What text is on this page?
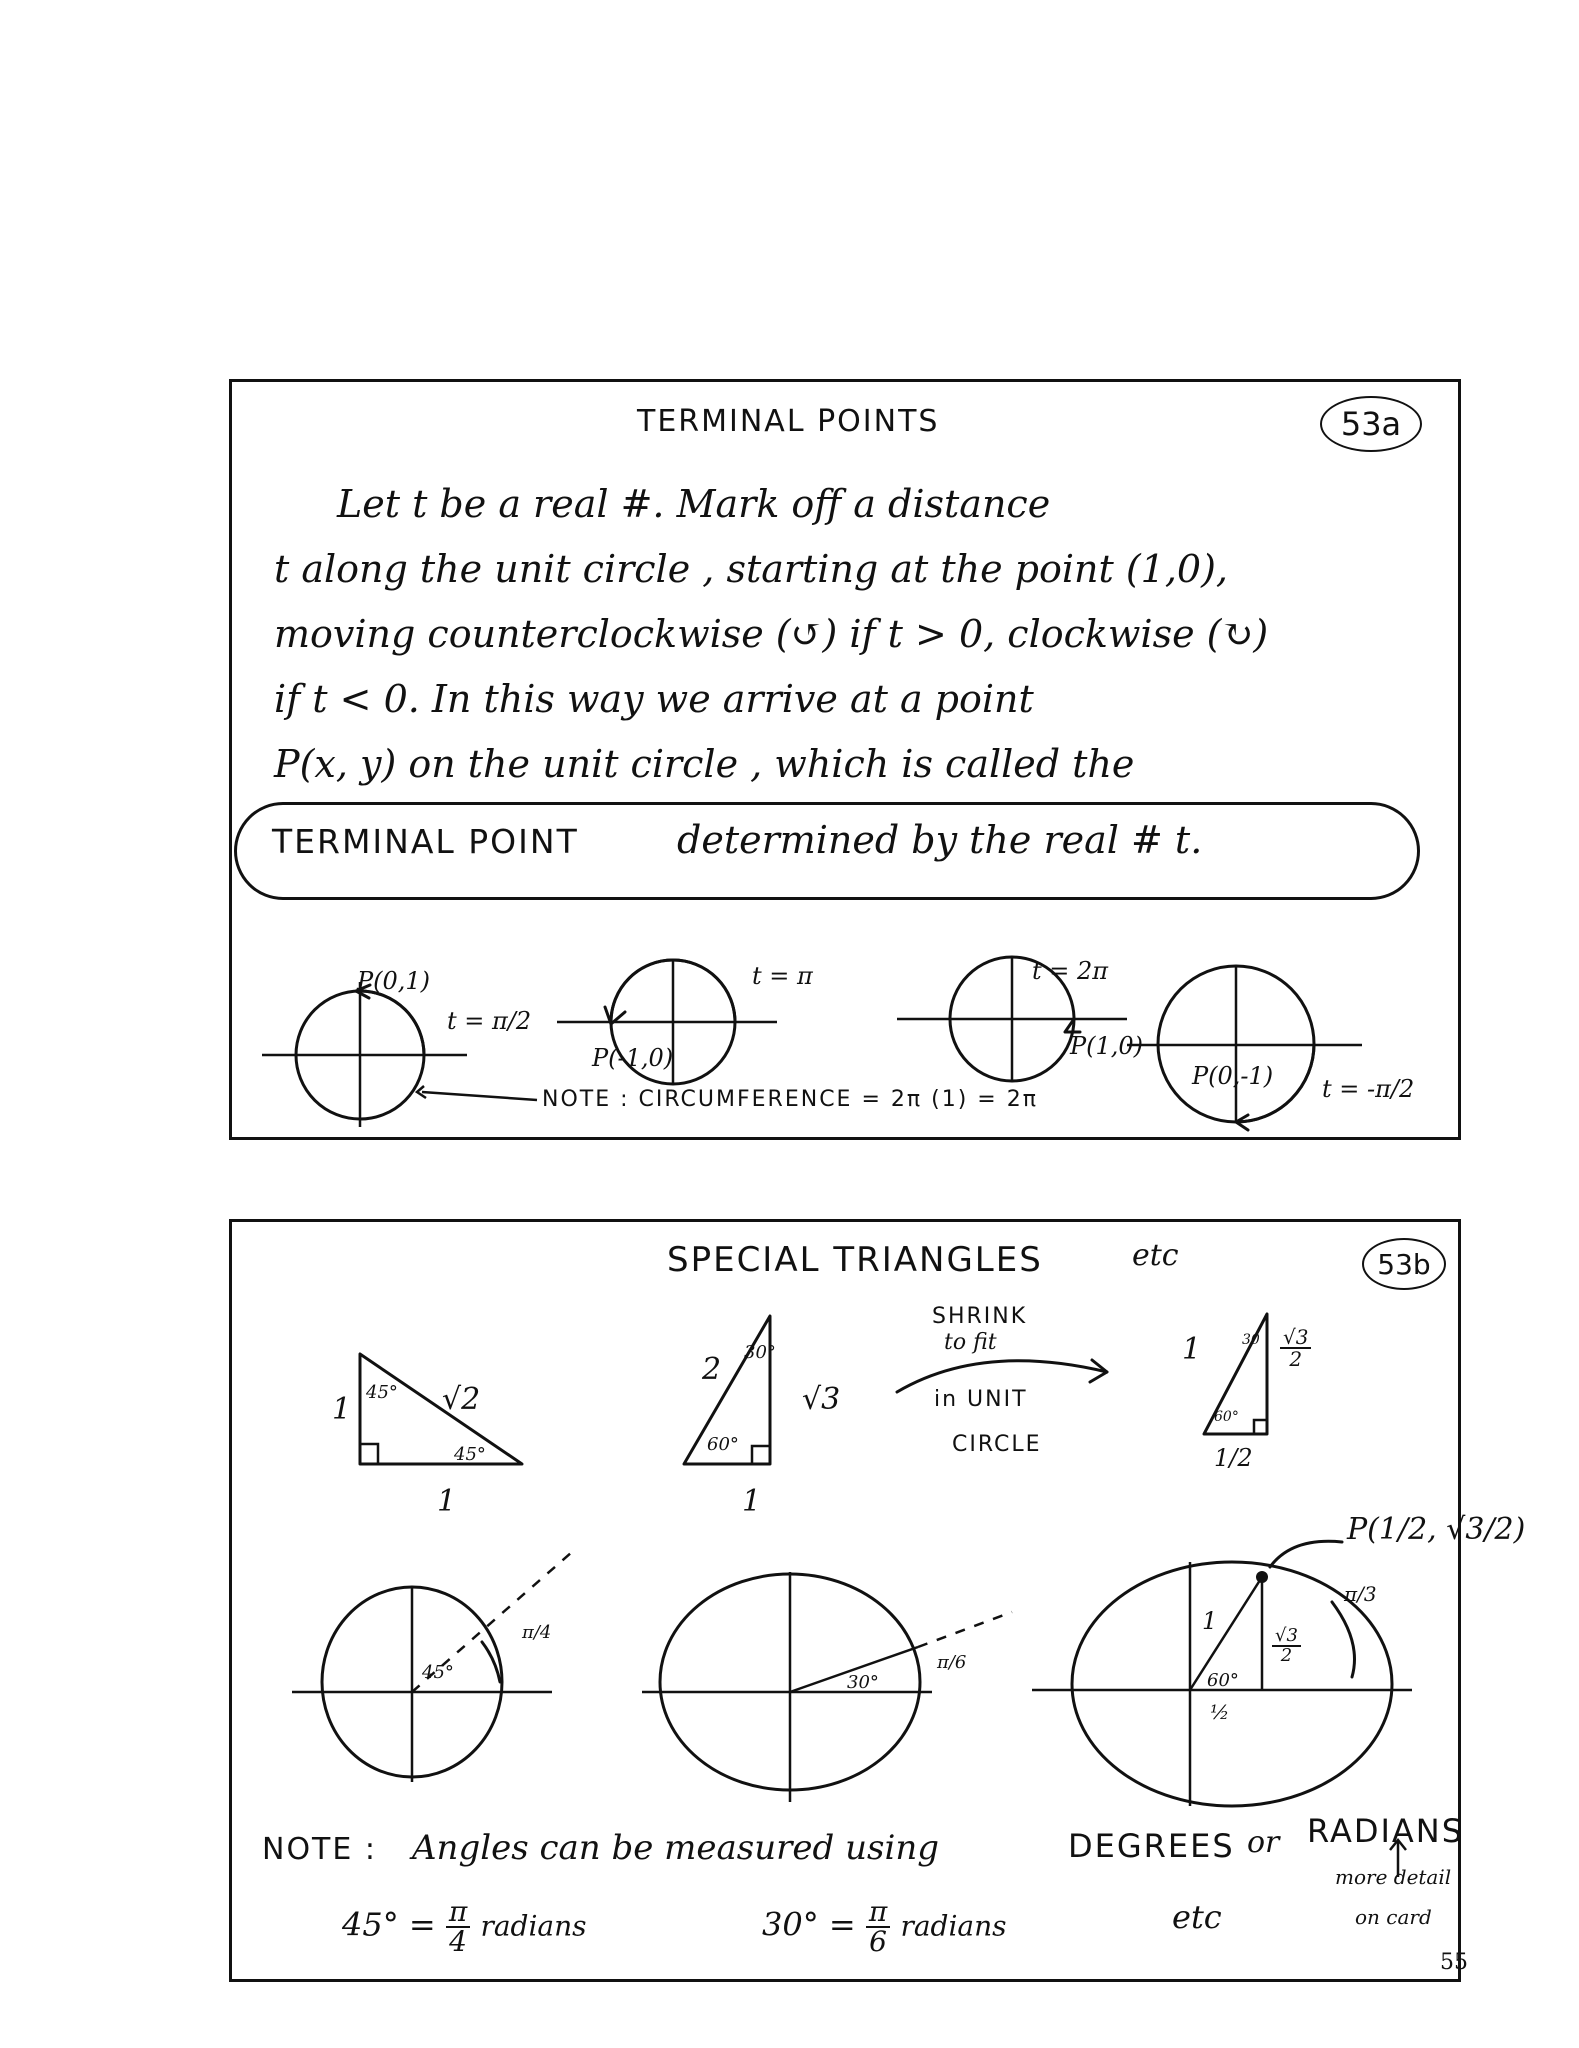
TERMINAL POINTS	53a
Let t be a real #. Mark off a distance
t along the unit circle , starting at the point (1,0),
moving counterclockwise (↺) if t > 0, clockwise (↻)
if t < 0. In this way we arrive at a point
P(x, y) on the unit circle , which is called the
TERMINAL POINT	determined by the real # t.
P(0,1)
t = π/2
P(-1,0)
t = π
P(1,0)
t = 2π
P(0,-1) t = -π/2
NOTE : CIRCUMFERENCE = 2π (1) = 2π
SPECIAL TRIANGLES	etc	53b
1	√2
1
45°
45°
2
√3
1
30°
60°
SHRINK
to fit
in UNIT
CIRCLE
1	30
60°
$\frac{√3}{2}$
1/2
45°
π/4
30°
π/6
P(1/2, √3/2)
1
$\frac{√3}{2}$
60°
½
π/3
NOTE : Angles can be measured using	DEGREES or RADIANS
$45^\circ = \frac{\pi}{4}$ radians	$30^\circ = \frac{\pi}{6}$ radians	etc
more detail
on card
55
